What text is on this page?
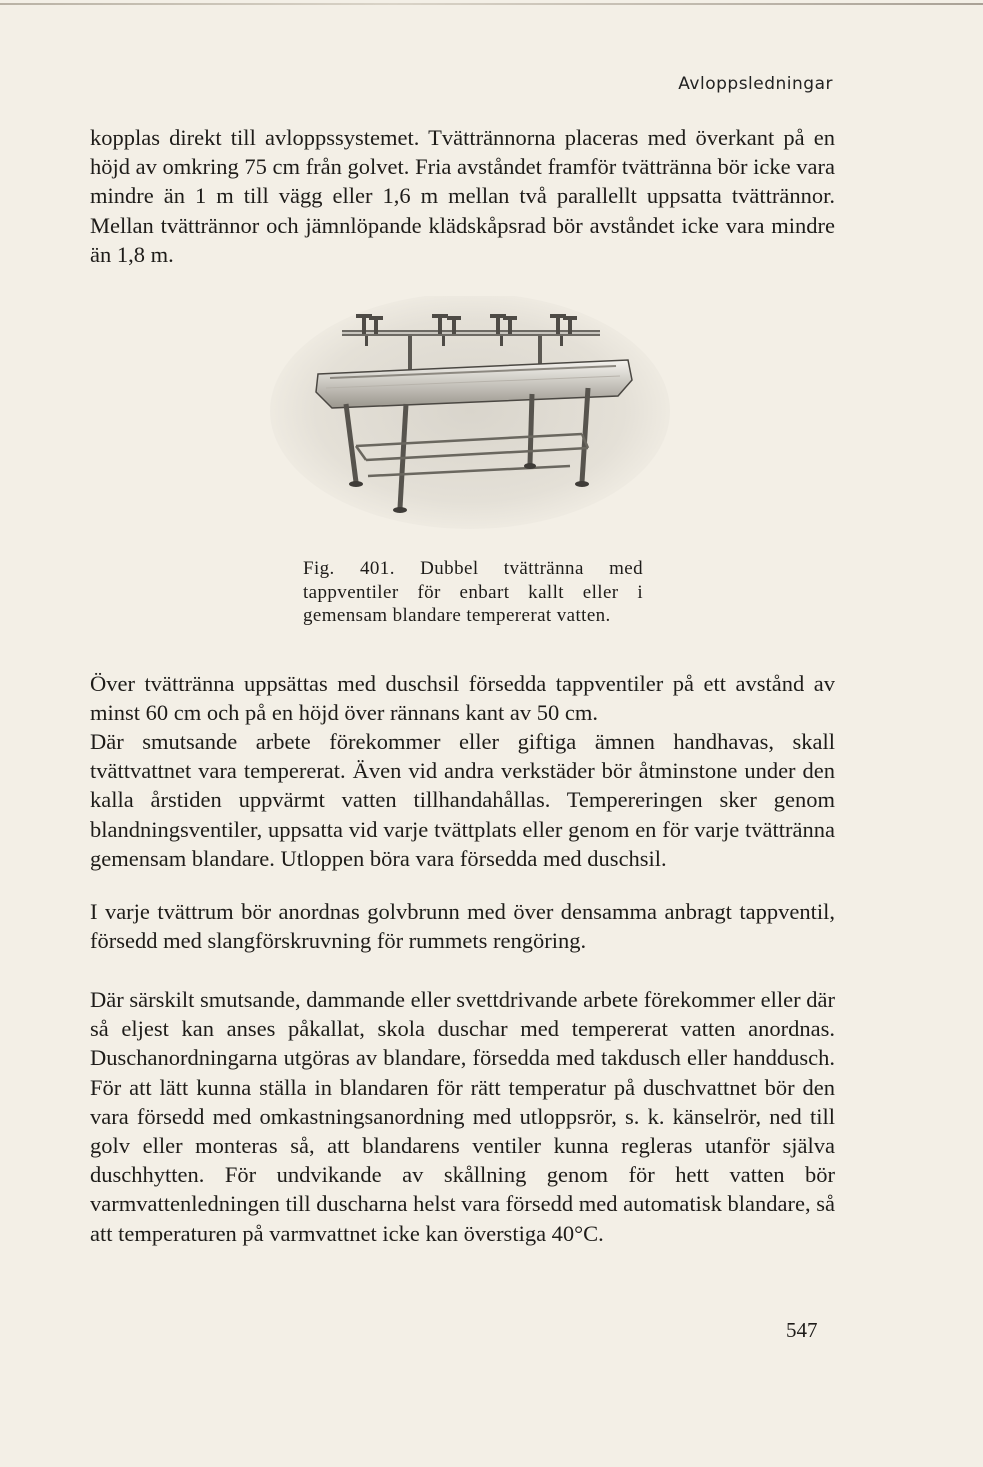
Avloppsledningar

kopplas direkt till avloppssystemet. Tvättrännorna placeras med överkant på en höjd av omkring 75 cm från golvet. Fria avståndet framför tvättränna bör icke vara mindre än 1 m till vägg eller 1,6 m mellan två parallellt uppsatta tvättrännor. Mellan tvättrännor och jämnlöpande klädskåpsrad bör avståndet icke vara mindre än 1,8 m.

Fig. 401. Dubbel tvättränna med tappventiler för enbart kallt eller i gemensam blandare tempererat vatten.

Över tvättränna uppsättas med duschsil försedda tappventiler på ett avstånd av minst 60 cm och på en höjd över rännans kant av 50 cm.

Där smutsande arbete förekommer eller giftiga ämnen handhavas, skall tvättvattnet vara tempererat. Även vid andra verkstäder bör åtminstone under den kalla årstiden uppvärmt vatten tillhandahållas. Tempereringen sker genom blandningsventiler, uppsatta vid varje tvättplats eller genom en för varje tvättränna gemensam blandare. Utloppen böra vara försedda med duschsil.

I varje tvättrum bör anordnas golvbrunn med över densamma anbragt tappventil, försedd med slangförskruvning för rummets rengöring.

Där särskilt smutsande, dammande eller svettdrivande arbete förekommer eller där så eljest kan anses påkallat, skola duschar med tempererat vatten anordnas. Duschanordningarna utgöras av blandare, försedda med takdusch eller handdusch. För att lätt kunna ställa in blandaren för rätt temperatur på duschvattnet bör den vara försedd med omkastningsanordning med utloppsrör, s. k. känselrör, ned till golv eller monteras så, att blandarens ventiler kunna regleras utanför själva duschhytten. För undvikande av skållning genom för hett vatten bör varmvattenledningen till duscharna helst vara försedd med automatisk blandare, så att temperaturen på varmvattnet icke kan överstiga 40°C.

547
